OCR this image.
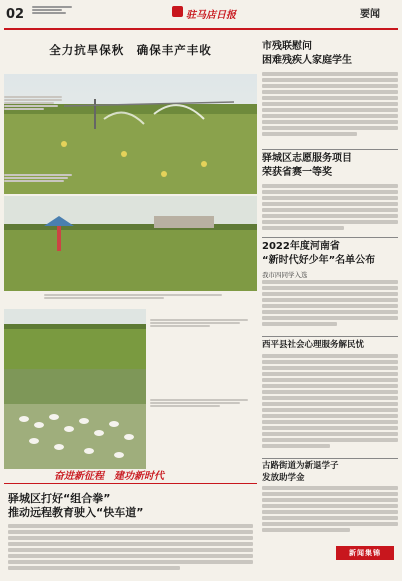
02	驻马店日报	要闻
全力抗旱保秋　确保丰产丰收	市残联慰问
困难残疾人家庭学生
驿城区志愿服务项目
荣获省赛一等奖
2022年度河南省
“新时代好少年”名单公布
我市四同学入选
西平县社会心理服务解民忧
古路街道为新退学子
发放助学金
奋进新征程　建功新时代
驿城区打好“组合拳”
推动远程教育驶入“快车道”
新闻集锦
